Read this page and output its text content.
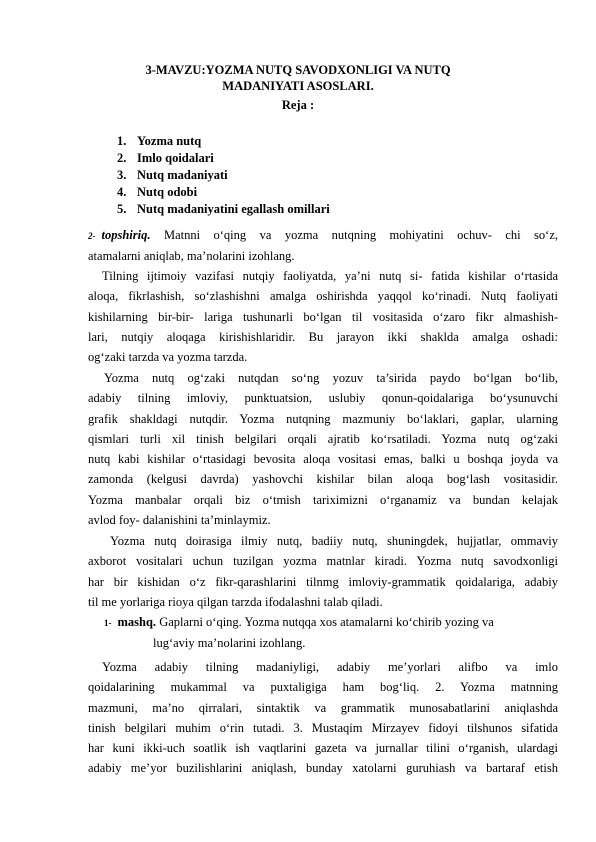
3-MAVZU:YOZMA NUTQ SAVODXONLIGI VA NUTQ
MADANIYATI ASOSLARI.
Reja :
1. Yozma nutq
2. Imlo qoidalari
3. Nutq madaniyati
4. Nutq odobi
5. Nutq madaniyatini egallash omillari
2- topshiriq. Matnni o‘qing va yozma nutqning mohiyatini ochuv- chi so‘z,
atamalarni aniqlab, ma’nolarini izohlang.
Tilning ijtimoiy vazifasi nutqiy faoliyatda, ya’ni nutq si- fatida kishilar o‘rtasida
aloqa, fikrlashish, so‘zlashishni amalga oshirishda yaqqol ko‘rinadi. Nutq faoliyati
kishilarning bir-bir- lariga tushunarli bo‘lgan til vositasida o‘zaro fikr almashish-
lari, nutqiy aloqaga kirishishlaridir. Bu jarayon ikki shaklda amalga oshadi:
og‘zaki tarzda va yozma tarzda.
Yozma nutq og‘zaki nutqdan so‘ng yozuv ta’sirida paydo bo‘lgan bo‘lib,
adabiy tilning imloviy, punktuatsion, uslubiy qonun-qoidalariga bo‘ysunuvchi
grafik shakldagi nutqdir. Yozma nutqning mazmuniy bo‘laklari, gaplar, ularning
qismlari turli xil tinish belgilari orqali ajratib ko‘rsatiladi. Yozma nutq og‘zaki
nutq kabi kishilar o‘rtasidagi bevosita aloqa vositasi emas, balki u boshqa joyda va
zamonda (kelgusi davrda) yashovchi kishilar bilan aloqa bog‘lash vositasidir.
Yozma manbalar orqali biz o‘tmish tariximizni o‘rganamiz va bundan kelajak
avlod foy- dalanishini ta’minlaymiz.
Yozma nutq doirasiga ilmiy nutq, badiiy nutq, shuningdek, hujjatlar, ommaviy
axborot vositalari uchun tuzilgan yozma matnlar kiradi. Yozma nutq savodxonligi
har bir kishidan o‘z fikr-qarashlarini tilnmg imloviy-grammatik qoidalariga, adabiy
til me yorlariga rioya qilgan tarzda ifodalashni talab qiladi.
1- mashq. Gaplarni o‘qing. Yozma nutqqa xos atamalarni ko‘chirib yozing va
lug‘aviy ma’nolarini izohlang.
Yozma adabiy tilning madaniyligi, adabiy me’yorlari alifbo va imlo
qoidalarining mukammal va puxtaligiga ham bog‘liq. 2. Yozma matnning
mazmuni, ma’no qirralari, sintaktik va grammatik munosabatlarini aniqlashda
tinish belgilari muhim o‘rin tutadi. 3. Mustaqim Mirzayev fidoyi tilshunos sifatida
har kuni ikki-uch soatlik ish vaqtlarini gazeta va jurnallar tilini o‘rganish, ulardagi
adabiy me’yor buzilishlarini aniqlash, bunday xatolarni guruhiash va bartaraf etish
